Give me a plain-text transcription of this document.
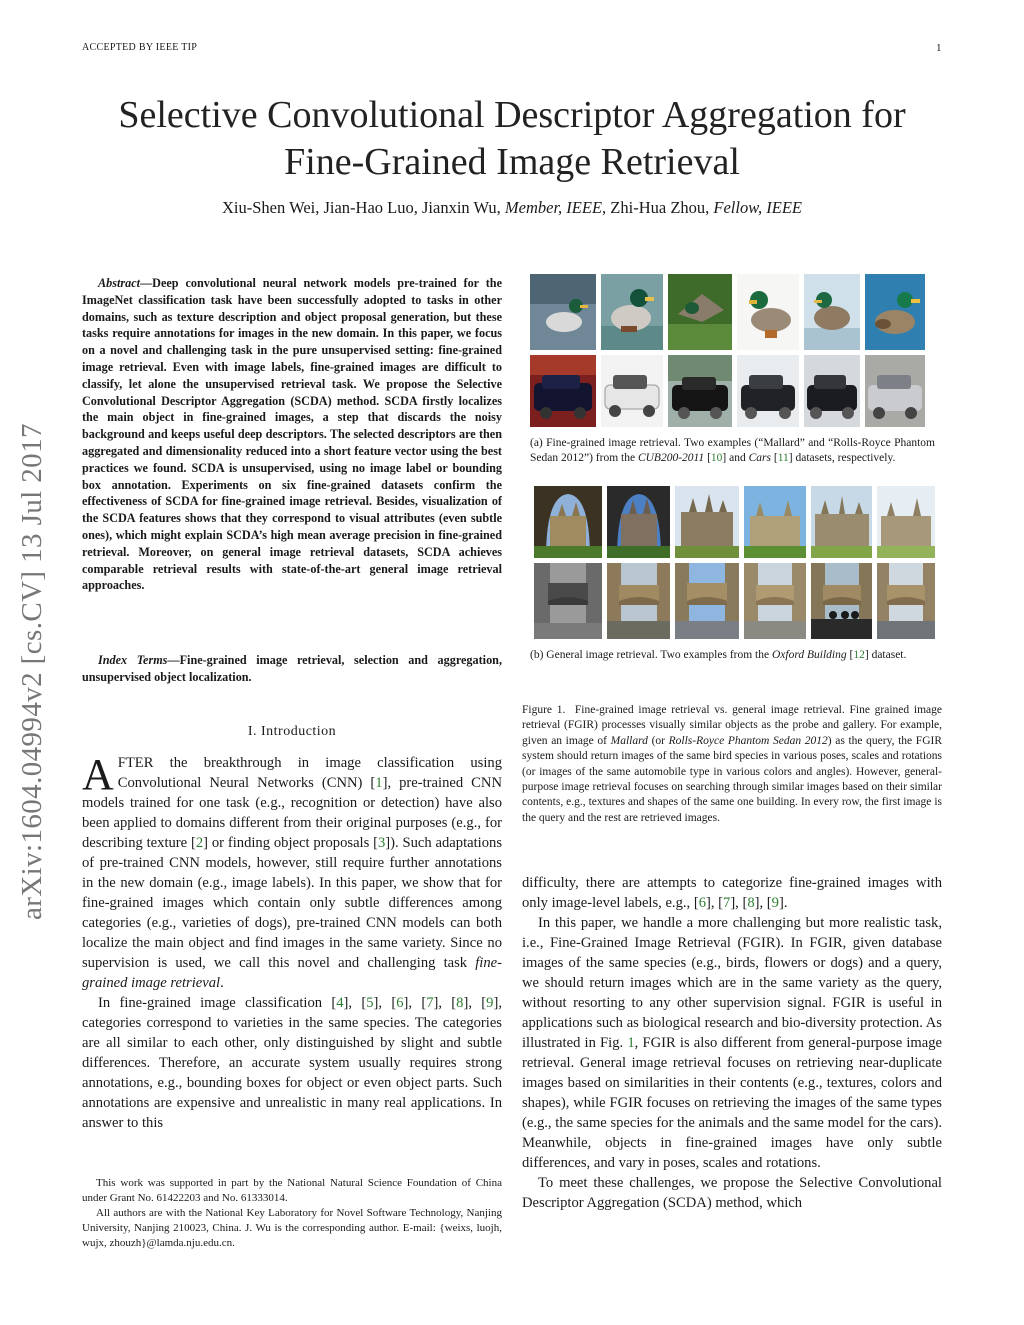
ACCEPTED BY IEEE TIP	1
Selective Convolutional Descriptor Aggregation for
Fine-Grained Image Retrieval
Xiu-Shen Wei, Jian-Hao Luo, Jianxin Wu, Member, IEEE, Zhi-Hua Zhou, Fellow, IEEE
arXiv:1604.04994v2 [cs.CV] 13 Jul 2017

Abstract—Deep convolutional neural network models pre-trained for the ImageNet classification task have been successfully adopted to tasks in other domains, such as texture description and object proposal generation, but these tasks require annotations for images in the new domain. In this paper, we focus on a novel and challenging task in the pure unsupervised setting: fine-grained image retrieval. Even with image labels, fine-grained images are difficult to classify, let alone the unsupervised retrieval task. We propose the Selective Convolutional Descriptor Aggregation (SCDA) method. SCDA firstly localizes the main object in fine-grained images, a step that discards the noisy background and keeps useful deep descriptors. The selected descriptors are then aggregated and dimensionality reduced into a short feature vector using the best practices we found. SCDA is unsupervised, using no image label or bounding box annotation. Experiments on six fine-grained datasets confirm the effectiveness of SCDA for fine-grained image retrieval. Besides, visualization of the SCDA features shows that they correspond to visual attributes (even subtle ones), which might explain SCDA’s high mean average precision in fine-grained retrieval. Moreover, on general image retrieval datasets, SCDA achieves comparable retrieval results with state-of-the-art general image retrieval approaches.

Index Terms—Fine-grained image retrieval, selection and aggregation, unsupervised object localization.
I. Introduction

AFTER the breakthrough in image classification using Convolutional Neural Networks (CNN) [1], pre-trained CNN models trained for one task (e.g., recognition or detection) have also been applied to domains different from their original purposes (e.g., for describing texture [2] or finding object proposals [3]). Such adaptations of pre-trained CNN models, however, still require further annotations in the new domain (e.g., image labels). In this paper, we show that for fine-grained images which contain only subtle differences among categories (e.g., varieties of dogs), pre-trained CNN models can both localize the main object and find images in the same variety. Since no supervision is used, we call this novel and challenging task fine-grained image retrieval.

In fine-grained image classification [4], [5], [6], [7], [8], [9], categories correspond to varieties in the same species. The categories are all similar to each other, only distinguished by slight and subtle differences. Therefore, an accurate system usually requires strong annotations, e.g., bounding boxes for object or even object parts. Such annotations are expensive and unrealistic in many real applications. In answer to this

This work was supported in part by the National Natural Science Foundation of China under Grant No. 61422203 and No. 61333014.

All authors are with the National Key Laboratory for Novel Software Technology, Nanjing University, Nanjing 210023, China. J. Wu is the corresponding author. E-mail: {weixs, luojh, wujx, zhouzh}@lamda.nju.edu.cn.

(a) Fine-grained image retrieval. Two examples (“Mallard” and “Rolls-Royce Phantom Sedan 2012”) from the CUB200-2011 [10] and Cars [11] datasets, respectively.
(b) General image retrieval. Two examples from the Oxford Building [12] dataset.
Figure 1. Fine-grained image retrieval vs. general image retrieval. Fine grained image retrieval (FGIR) processes visually similar objects as the probe and gallery. For example, given an image of Mallard (or Rolls-Royce Phantom Sedan 2012) as the query, the FGIR system should return images of the same bird species in various poses, scales and rotations (or images of the same automobile type in various colors and angles). However, general-purpose image retrieval focuses on searching through similar images based on their similar contents, e.g., textures and shapes of the same one building. In every row, the first image is the query and the rest are retrieved images.

difficulty, there are attempts to categorize fine-grained images with only image-level labels, e.g., [6], [7], [8], [9].

In this paper, we handle a more challenging but more realistic task, i.e., Fine-Grained Image Retrieval (FGIR). In FGIR, given database images of the same species (e.g., birds, flowers or dogs) and a query, we should return images which are in the same variety as the query, without resorting to any other supervision signal. FGIR is useful in applications such as biological research and bio-diversity protection. As illustrated in Fig. 1, FGIR is also different from general-purpose image retrieval. General image retrieval focuses on retrieving near-duplicate images based on similarities in their contents (e.g., textures, colors and shapes), while FGIR focuses on retrieving the images of the same types (e.g., the same species for the animals and the same model for the cars). Meanwhile, objects in fine-grained images have only subtle differences, and vary in poses, scales and rotations.

To meet these challenges, we propose the Selective Convolutional Descriptor Aggregation (SCDA) method, which
